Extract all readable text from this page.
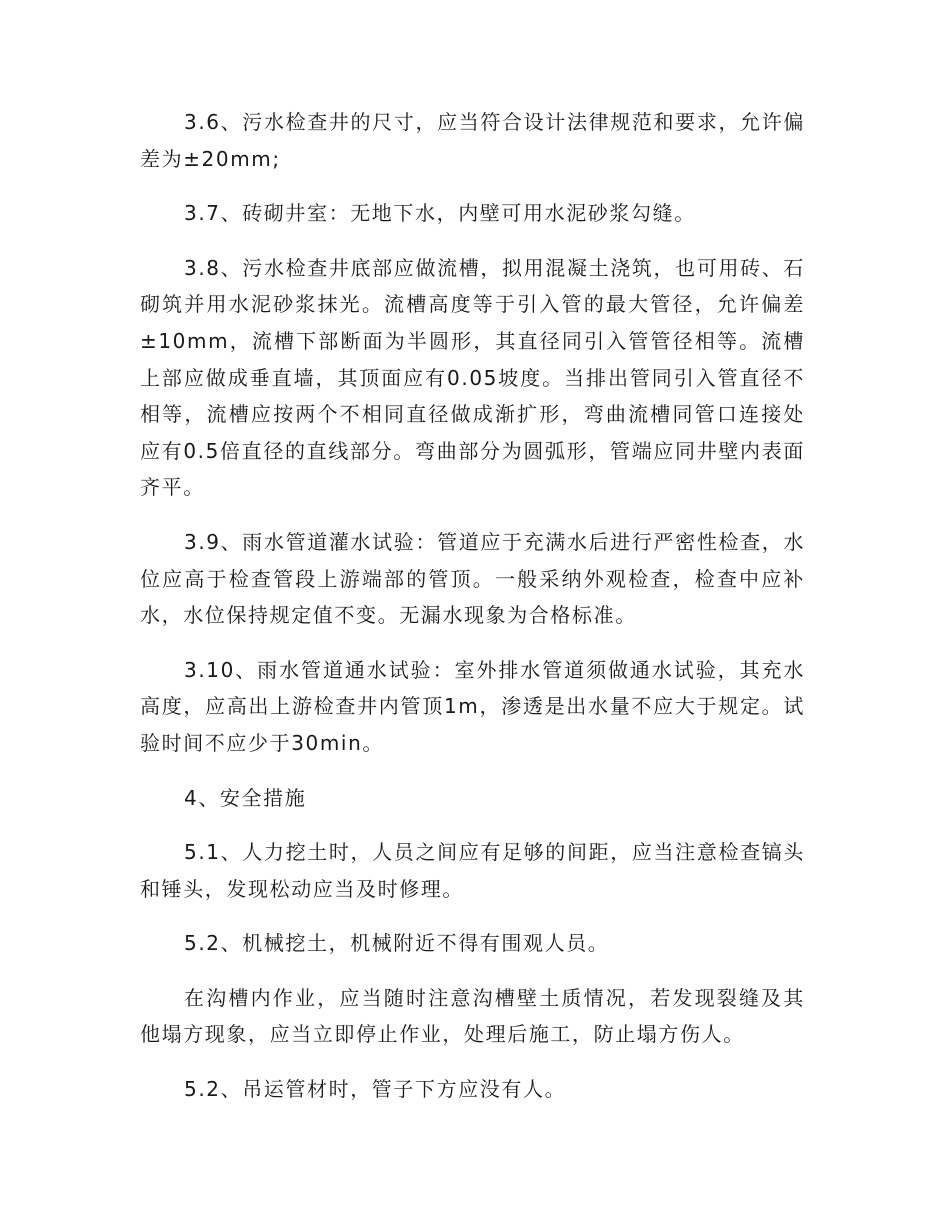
3.6、污水检查井的尺寸，应当符合设计法律规范和要求，允许偏差为±20mm;

3.7、砖砌井室：无地下水，内壁可用水泥砂浆勾缝。

3.8、污水检查井底部应做流槽，拟用混凝土浇筑，也可用砖、石砌筑并用水泥砂浆抹光。流槽高度等于引入管的最大管径，允许偏差±10mm，流槽下部断面为半圆形，其直径同引入管管径相等。流槽上部应做成垂直墙，其顶面应有0.05坡度。当排出管同引入管直径不相等，流槽应按两个不相同直径做成渐扩形，弯曲流槽同管口连接处应有0.5倍直径的直线部分。弯曲部分为圆弧形，管端应同井壁内表面齐平。

3.9、雨水管道灌水试验：管道应于充满水后进行严密性检查，水位应高于检查管段上游端部的管顶。一般采纳外观检查，检查中应补水，水位保持规定值不变。无漏水现象为合格标准。

3.10、雨水管道通水试验：室外排水管道须做通水试验，其充水高度，应高出上游检查井内管顶1m，渗透是出水量不应大于规定。试验时间不应少于30min。

4、安全措施

5.1、人力挖土时，人员之间应有足够的间距，应当注意检查镐头和锤头，发现松动应当及时修理。

5.2、机械挖土，机械附近不得有围观人员。

在沟槽内作业，应当随时注意沟槽壁土质情况，若发现裂缝及其他塌方现象，应当立即停止作业，处理后施工，防止塌方伤人。

5.2、吊运管材时，管子下方应没有人。
